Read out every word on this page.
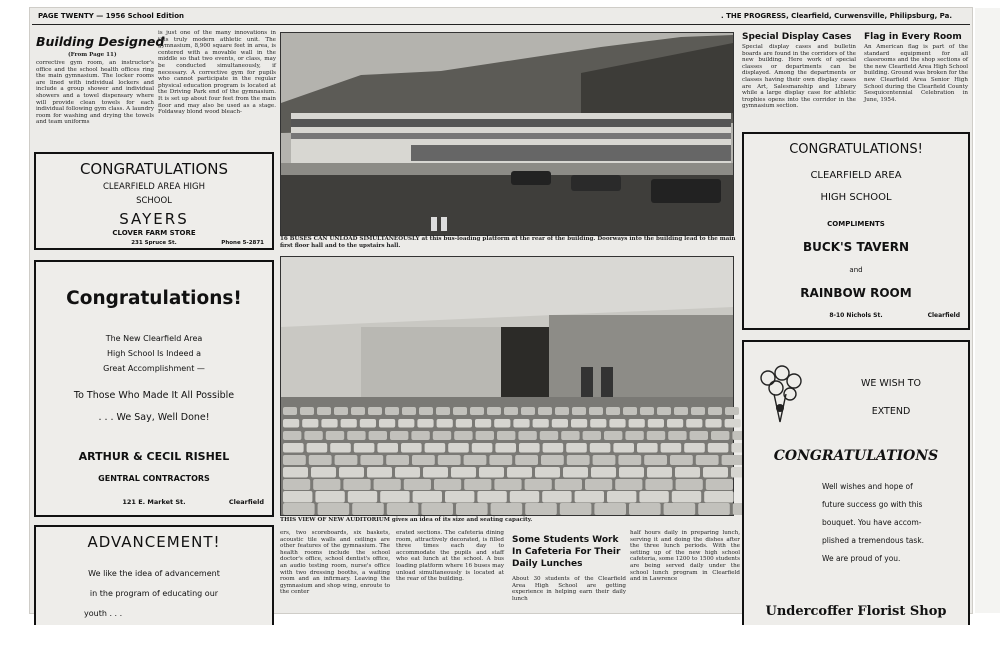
PAGE TWENTY — 1956 School Edition	. THE PROGRESS, Clearfield, Curwensville, Philipsburg, Pa.
Building Designed
(From Page 11)
corrective gym room, an instructor's office and the school health offices ring the main gymnasium. The locker rooms are lined with individual lockers and include a group shower and individual showers and a towel dispensary where will provide clean towels for each individual following gym class. A laundry room for washing and drying the towels and team uniforms
is just one of the many innovations in this truly modern athletic unit. The gymnasium, 8,900 square feet in area, is centered with a movable wall in the middle so that two events, or class, may be conducted simultaneously, if necessary. A corrective gym for pupils who cannot participate in the regular physical education program is located at the Driving Park end of the gymnasium. It is set up about four feet from the main floor and may also be used as a stage. Foldaway blond wood bleach-
CONGRATULATIONS
CLEARFIELD AREA HIGH
SCHOOL
SAYERS
CLOVER FARM STORE
231 Spruce St.	Phone 5-2871
Congratulations!
The New Clearfield Area
High School Is Indeed a
Great Accomplishment —
To Those Who Made It All Possible
. . . We Say, Well Done!
ARTHUR & CECIL RISHEL
GENTRAL CONTRACTORS
121 E. Market St.	Clearfield
ADVANCEMENT!
We like the idea of advancement
in the program of educating our
youth . . .
16 BUSES CAN UNLOAD SIMULTANEOUSLY at this bus-loading platform at the rear of the building. Doorways into the building lead to the main first floor hall and to the upstairs hall.
THIS VIEW OF NEW AUDITORIUM gives an idea of its size and seating capacity.
ers, two scoreboards, six baskets, acoustic tile walls and ceilings are other features of the gymnasium. The health rooms include the school doctor's office, school dentist's office, an audio testing room, nurse's office with two dressing booths, a waiting room and an infirmary. Leaving the gymnasium and shop wing, enroute to the center
erated sections. The cafeteria dining room, attractively decorated, is filled three times each day to accommodate the pupils and staff who eat lunch at the school. A bus loading platform where 16 buses may unload simultaneously is located at the rear of the building.
Some Students Work In Cafeteria For Their Daily Lunches
About 30 students of the Clearfield Area High School are getting experience in helping earn their daily lunch
half hours daily in preparing lunch, serving it and doing the dishes after the three lunch periods. With the setting up of the new high school cafeteria, some 1200 to 1500 students are being served daily under the school lunch program in Clearfield and in Lawrence
Special Display Cases
Special display cases and bulletin boards are found in the corridors of the new building. Here work of special classes or departments can be displayed. Among the departments or classes having their own display cases are Art, Salesmanship and Library while a large display case for athletic trophies opens into the corridor in the gymnasium section.
Flag in Every Room
An American flag is part of the standard equipment for all classrooms and the shop sections of the new Clearfield Area High School building. Ground was broken for the new Clearfield Area Senior High School during the Clearfield County Sesquicentennial Celebration in June, 1954.
CONGRATULATIONS!
CLEARFIELD AREA
HIGH SCHOOL
COMPLIMENTS
BUCK'S TAVERN
and
RAINBOW ROOM
8-10 Nichols St.	Clearfield
WE WISH TO
EXTEND
CONGRATULATIONS
Well wishes and hope of
future success go with this
bouquet. You have accom-
plished a tremendous task.
We are proud of you.
Undercoffer Florist Shop
